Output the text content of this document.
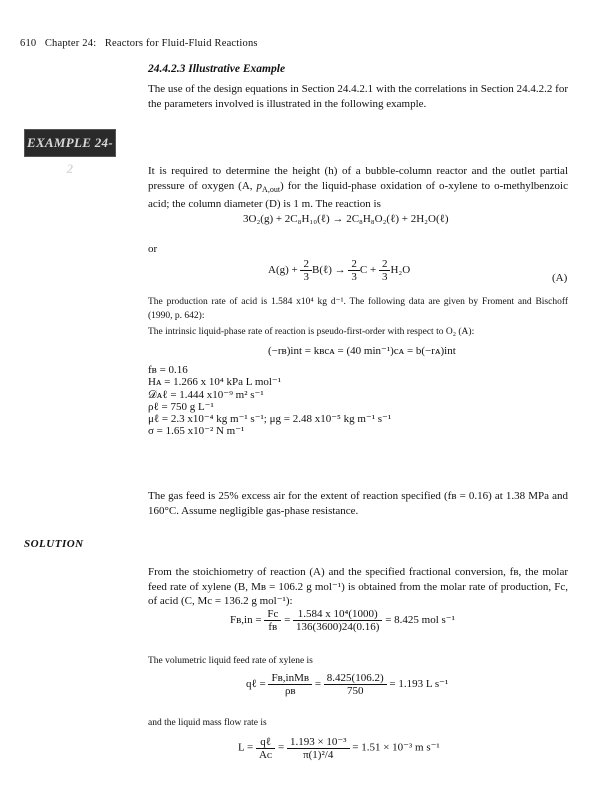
610 Chapter 24: Reactors for Fluid-Fluid Reactions
24.4.2.3 Illustrative Example
The use of the design equations in Section 24.4.2.1 with the correlations in Section 24.4.2.2 for the parameters involved is illustrated in the following example.
EXAMPLE 24-2	It is required to determine the height (h) of a bubble-column reactor and the outlet partial pressure of oxygen (A, $p_{A,out}$) for the liquid-phase oxidation of o-xylene to o-methylbenzoic acid; the column diameter (D) is 1 m. The reaction is
3O₂(g) + 2C₈H₁₀(ℓ) → 2C₈H₈O₂(ℓ) + 2H₂O(ℓ)
or
$A(g) + \frac{2}{3}$ B(ℓ) → $\frac{2}{3}$ $C + \frac{2}{3} H_2O$
(A)
The production rate of acid is 1.584 x10⁴ kg d⁻¹. The following data are given by Froment and Bischoff (1990, p. 642):
The intrinsic liquid-phase rate of reaction is pseudo-first-order with respect to O₂ (A):
(−rʙ)int = kʙcᴀ = (40 min⁻¹)cᴀ = b(−rᴀ)int
fʙ = 0.16
Hᴀ = 1.266 x 10⁴ kPa L mol⁻¹
𝒟ᴀℓ = 1.444 x10⁻⁹ m² s⁻¹
ρℓ = 750 g L⁻¹
μℓ = 2.3 x10⁻⁴ kg m⁻¹ s⁻¹; μg = 2.48 x10⁻⁵ kg m⁻¹ s⁻¹
σ = 1.65 x10⁻² N m⁻¹
The gas feed is 25% excess air for the extent of reaction specified (fʙ = 0.16) at 1.38 MPa and 160°C. Assume negligible gas-phase resistance.
SOLUTION
From the stoichiometry of reaction (A) and the specified fractional conversion, fʙ, the molar feed rate of xylene (B, Mʙ = 106.2 g mol⁻¹) is obtained from the molar rate of production, Fc, of acid (C, Mc = 136.2 g mol⁻¹):
Fʙ,in = $\frac{Fc}{\text{fʙ}} = \frac{\text{1.584 x 10⁴(1000)}}{136(3600)24(0.16)} = 8.425$ mol s⁻¹
The volumetric liquid feed rate of xylene is
qℓ = $\frac{\text{Fʙ,inMʙ}}{\text{ρʙ}} = \frac{8.425(106.2)}{750} = 1.193$ L s⁻¹
and the liquid mass flow rate is
$L = \frac{\text{qℓ}}{\text{Aᴄ}} = \frac{\text{1.193 × 10⁻³}}{\text{π(1)²/4}} = 1.51 \times 10^{-3}$ m s⁻¹
